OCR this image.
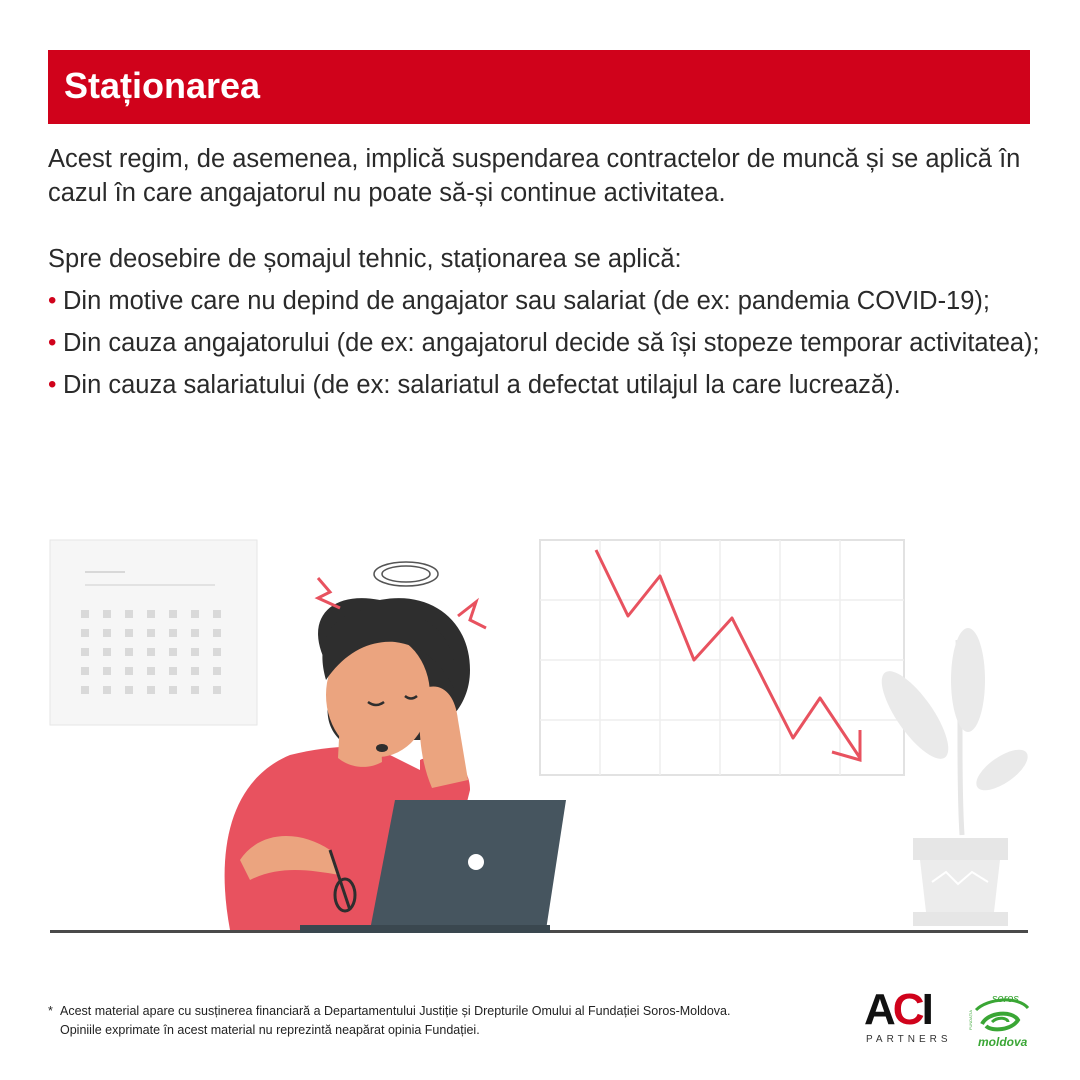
Staționarea

Acest regim, de asemenea, implică suspendarea contractelor de muncă și se aplică în cazul în care angajatorul nu poate să-și continue activitatea.

Spre deosebire de șomajul tehnic, staționarea se aplică:

• Din motive care nu depind de angajator sau salariat (de ex: pandemia COVID-19);
• Din cauza angajatorului (de ex: angajatorul decide să își stopeze temporar activitatea);
• Din cauza salariatului (de ex: salariatul a defectat utilajul la care lucrează).
* Acest material apare cu susținerea financiară a Departamentului Justiție și Drepturile Omului al Fundației Soros-Moldova. Opiniile exprimate în acest material nu reprezintă neapărat opinia Fundației.	ACI
PARTNERS
soros
moldova
FUNDAȚIA
